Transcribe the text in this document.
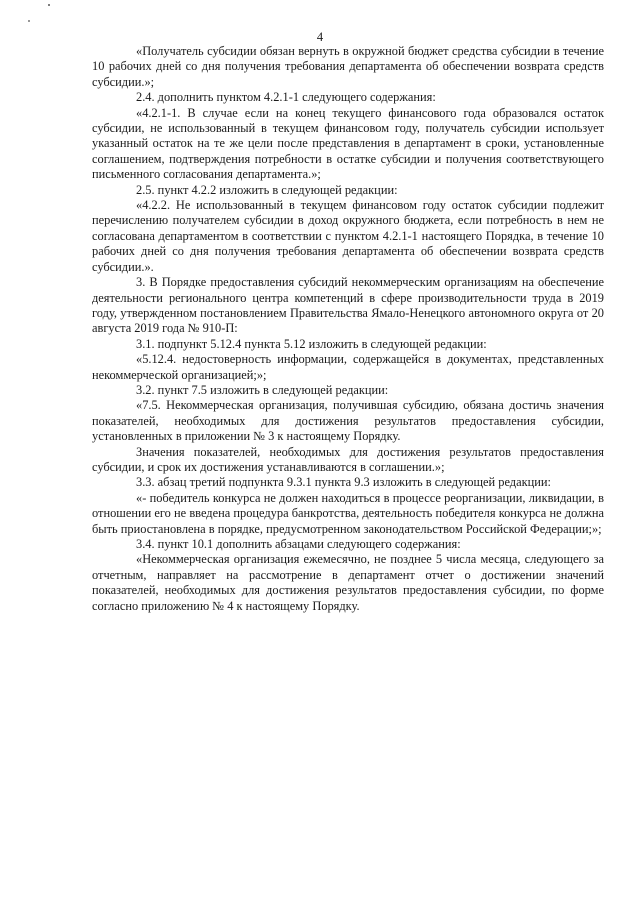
4

«Получатель субсидии обязан вернуть в окружной бюджет средства субсидии в течение 10 рабочих дней со дня получения требования департамента об обеспечении возврата средств субсидии.»;

2.4. дополнить пунктом 4.2.1-1 следующего содержания:

«4.2.1-1. В случае если на конец текущего финансового года образовался остаток субсидии, не использованный в текущем финансовом году, получатель субсидии использует указанный остаток на те же цели после представления в департамент в сроки, установленные соглашением, подтверждения потребности в остатке субсидии и получения соответствующего письменного согласования департамента.»;

2.5. пункт 4.2.2 изложить в следующей редакции:

«4.2.2. Не использованный в текущем финансовом году остаток субсидии подлежит перечислению получателем субсидии в доход окружного бюджета, если потребность в нем не согласована департаментом в соответствии с пунктом 4.2.1-1 настоящего Порядка, в течение 10 рабочих дней со дня получения требования департамента об обеспечении возврата средств субсидии.».

3. В Порядке предоставления субсидий некоммерческим организациям на обеспечение деятельности регионального центра компетенций в сфере производительности труда в 2019 году, утвержденном постановлением Правительства Ямало-Ненецкого автономного округа от 20 августа 2019 года № 910-П:

3.1. подпункт 5.12.4 пункта 5.12 изложить в следующей редакции:

«5.12.4. недостоверность информации, содержащейся в документах, представленных некоммерческой организацией;»;

3.2. пункт 7.5 изложить в следующей редакции:

«7.5. Некоммерческая организация, получившая субсидию, обязана достичь значения показателей, необходимых для достижения результатов предоставления субсидии, установленных в приложении № 3 к настоящему Порядку.

Значения показателей, необходимых для достижения результатов предоставления субсидии, и срок их достижения устанавливаются в соглашении.»;

3.3. абзац третий подпункта 9.3.1 пункта 9.3 изложить в следующей редакции:

«- победитель конкурса не должен находиться в процессе реорганизации, ликвидации, в отношении его не введена процедура банкротства, деятельность победителя конкурса не должна быть приостановлена в порядке, предусмотренном законодательством Российской Федерации;»;

3.4. пункт 10.1 дополнить абзацами следующего содержания:

«Некоммерческая организация ежемесячно, не позднее 5 числа месяца, следующего за отчетным, направляет на рассмотрение в департамент отчет о достижении значений показателей, необходимых для достижения результатов предоставления субсидии, по форме согласно приложению № 4 к настоящему Порядку.
